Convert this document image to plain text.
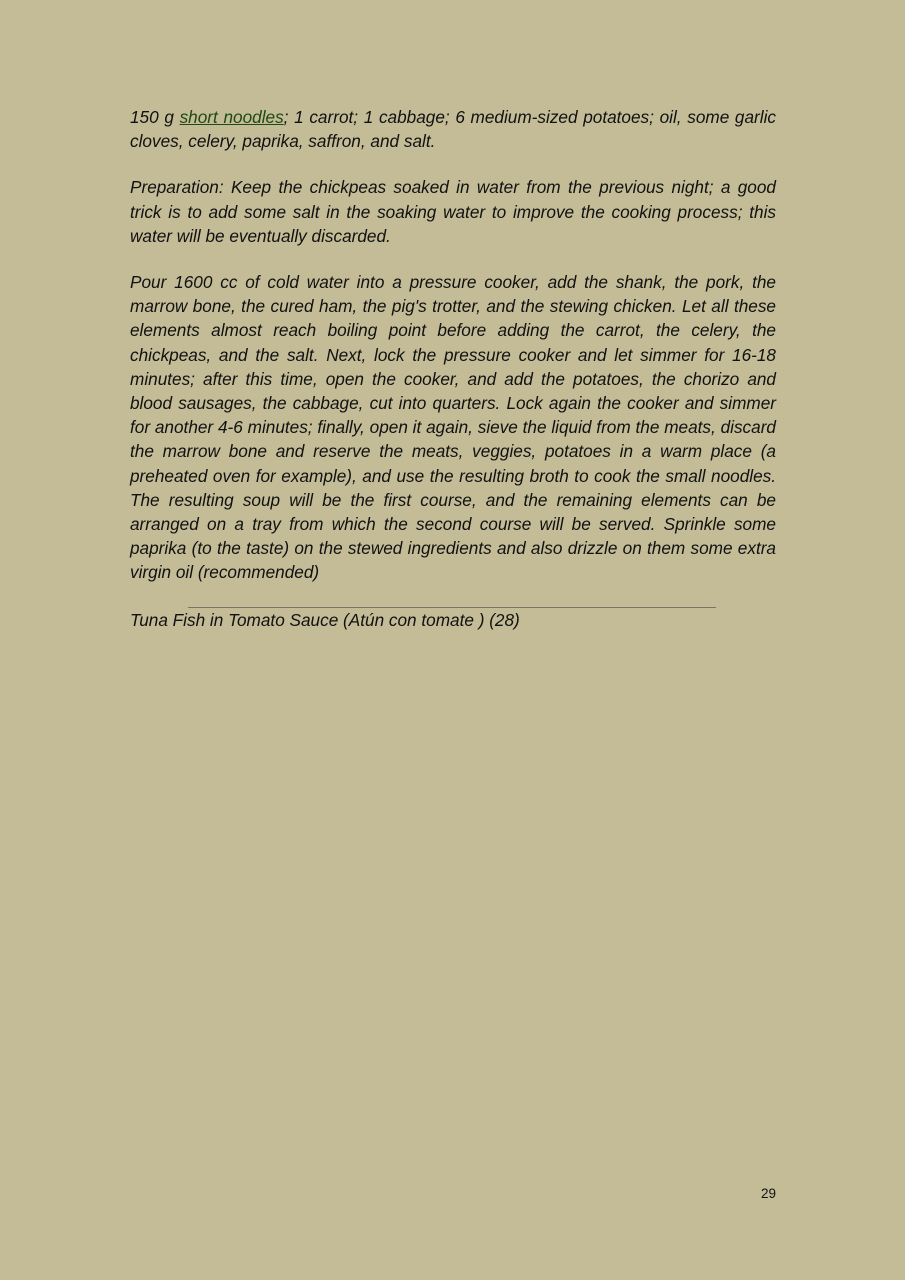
150 g short noodles; 1 carrot; 1 cabbage; 6 medium-sized potatoes; oil, some garlic cloves, celery, paprika, saffron, and salt.

Preparation: Keep the chickpeas soaked in water from the previous night; a good trick is to add some salt in the soaking water to improve the cooking process; this water will be eventually discarded.

Pour 1600 cc of cold water into a pressure cooker, add the shank, the pork, the marrow bone, the cured ham, the pig's trotter, and the stewing chicken. Let all these elements almost reach boiling point before adding the carrot, the celery, the chickpeas, and the salt. Next, lock the pressure cooker and let simmer for 16-18 minutes; after this time, open the cooker, and add the potatoes, the chorizo and blood sausages, the cabbage, cut into quarters. Lock again the cooker and simmer for another 4-6 minutes; finally, open it again, sieve the liquid from the meats, discard the marrow bone and reserve the meats, veggies, potatoes in a warm place (a preheated oven for example), and use the resulting broth to cook the small noodles. The resulting soup will be the first course, and the remaining elements can be arranged on a tray from which the second course will be served. Sprinkle some paprika (to the taste) on the stewed ingredients and also drizzle on them some extra virgin oil (recommended)

Tuna Fish in Tomato Sauce (Atún con tomate ) (28)

29
